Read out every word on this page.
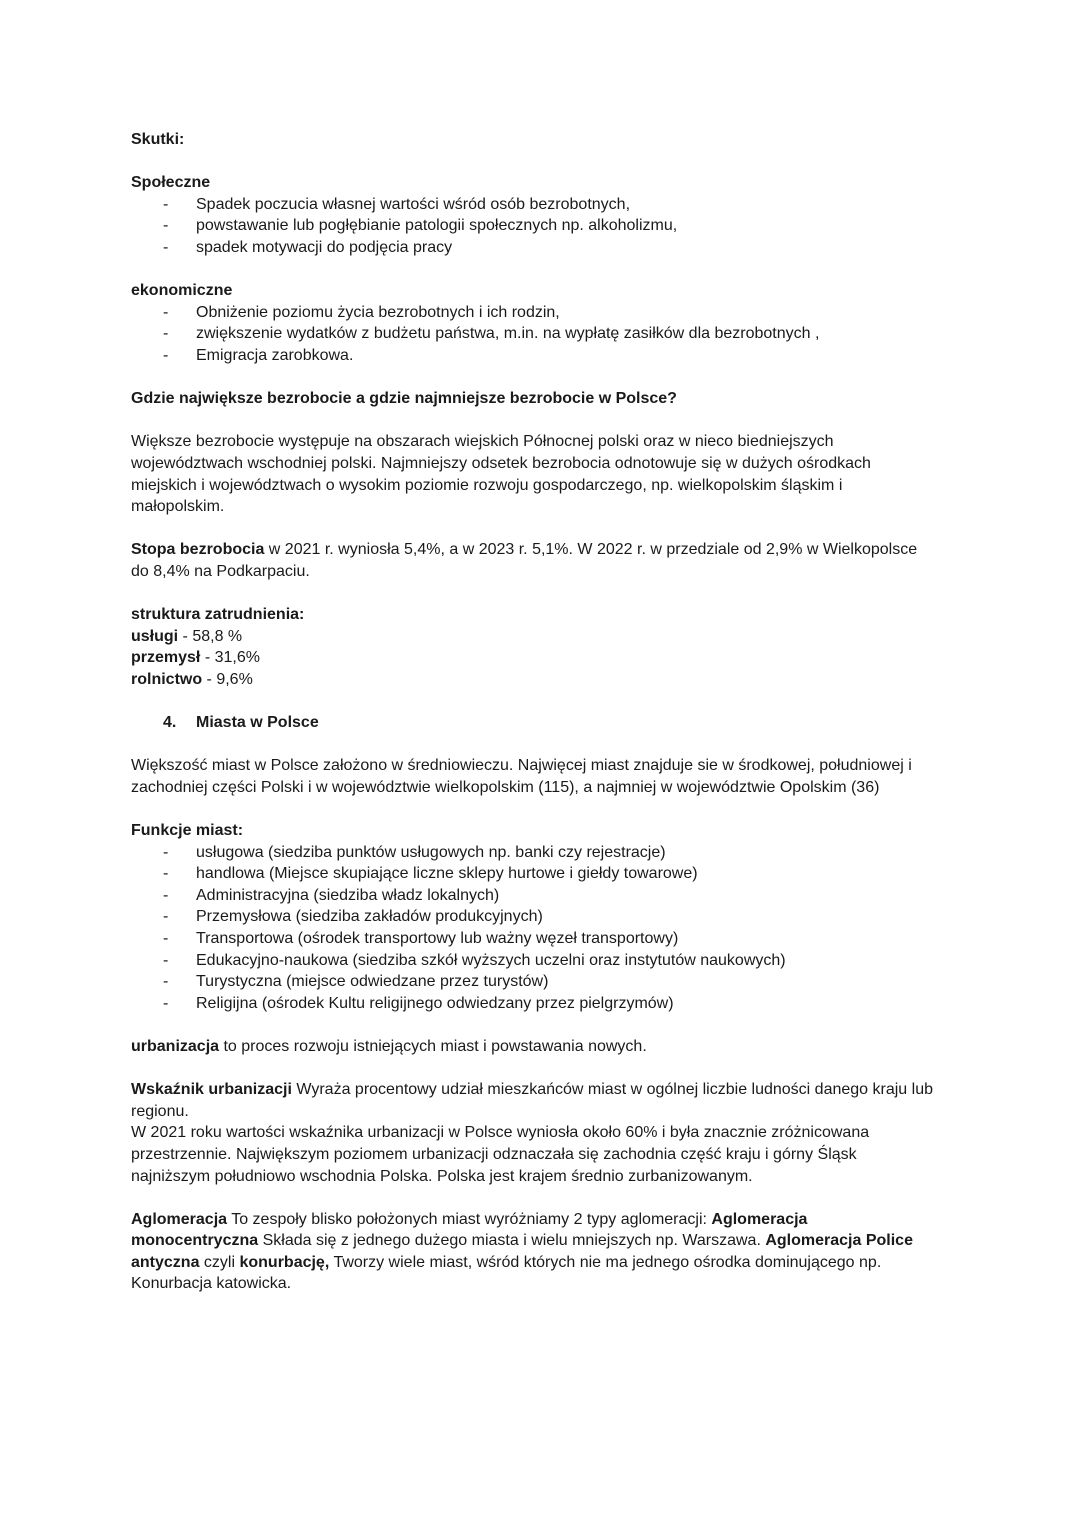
Skutki:
Społeczne
- Spadek poczucia własnej wartości wśród osób bezrobotnych,
- powstawanie lub pogłębianie patologii społecznych np. alkoholizmu,
- spadek motywacji do podjęcia pracy
ekonomiczne
- Obniżenie poziomu życia bezrobotnych i ich rodzin,
- zwiększenie wydatków z budżetu państwa, m.in. na wypłatę zasiłków dla bezrobotnych ,
- Emigracja zarobkowa.
Gdzie największe bezrobocie a gdzie najmniejsze bezrobocie w Polsce?
Większe bezrobocie występuje na obszarach wiejskich Północnej polski oraz w nieco biedniejszych
województwach wschodniej polski. Najmniejszy odsetek bezrobocia odnotowuje się w dużych ośrodkach
miejskich i województwach o wysokim poziomie rozwoju gospodarczego, np. wielkopolskim śląskim i
małopolskim.
Stopa bezrobocia w 2021 r. wyniosła 5,4%, a w 2023 r. 5,1%. W 2022 r. w przedziale od 2,9% w Wielkopolsce
do 8,4% na Podkarpaciu.
struktura zatrudnienia:
usługi - 58,8 %
przemysł - 31,6%
rolnictwo - 9,6%
4. Miasta w Polsce
Większość miast w Polsce założono w średniowieczu. Najwięcej miast znajduje sie w środkowej, południowej i
zachodniej części Polski i w województwie wielkopolskim (115), a najmniej w województwie Opolskim (36)
Funkcje miast:
- usługowa (siedziba punktów usługowych np. banki czy rejestracje)
- handlowa (Miejsce skupiające liczne sklepy hurtowe i giełdy towarowe)
- Administracyjna (siedziba władz lokalnych)
- Przemysłowa (siedziba zakładów produkcyjnych)
- Transportowa (ośrodek transportowy lub ważny węzeł transportowy)
- Edukacyjno-naukowa (siedziba szkół wyższych uczelni oraz instytutów naukowych)
- Turystyczna (miejsce odwiedzane przez turystów)
- Religijna (ośrodek Kultu religijnego odwiedzany przez pielgrzymów)
urbanizacja to proces rozwoju istniejących miast i powstawania nowych.
Wskaźnik urbanizacji Wyraża procentowy udział mieszkańców miast w ogólnej liczbie ludności danego kraju lub
regionu.
W 2021 roku wartości wskaźnika urbanizacji w Polsce wyniosła około 60% i była znacznie zróżnicowana
przestrzennie. Największym poziomem urbanizacji odznaczała się zachodnia część kraju i górny Śląsk
najniższym południowo wschodnia Polska. Polska jest krajem średnio zurbanizowanym.
Aglomeracja To zespoły blisko położonych miast wyróżniamy 2 typy aglomeracji: Aglomeracja
monocentryczna Składa się z jednego dużego miasta i wielu mniejszych np. Warszawa. Aglomeracja Police
antyczna czyli konurbację, Tworzy wiele miast, wśród których nie ma jednego ośrodka dominującego np.
Konurbacja katowicka.
